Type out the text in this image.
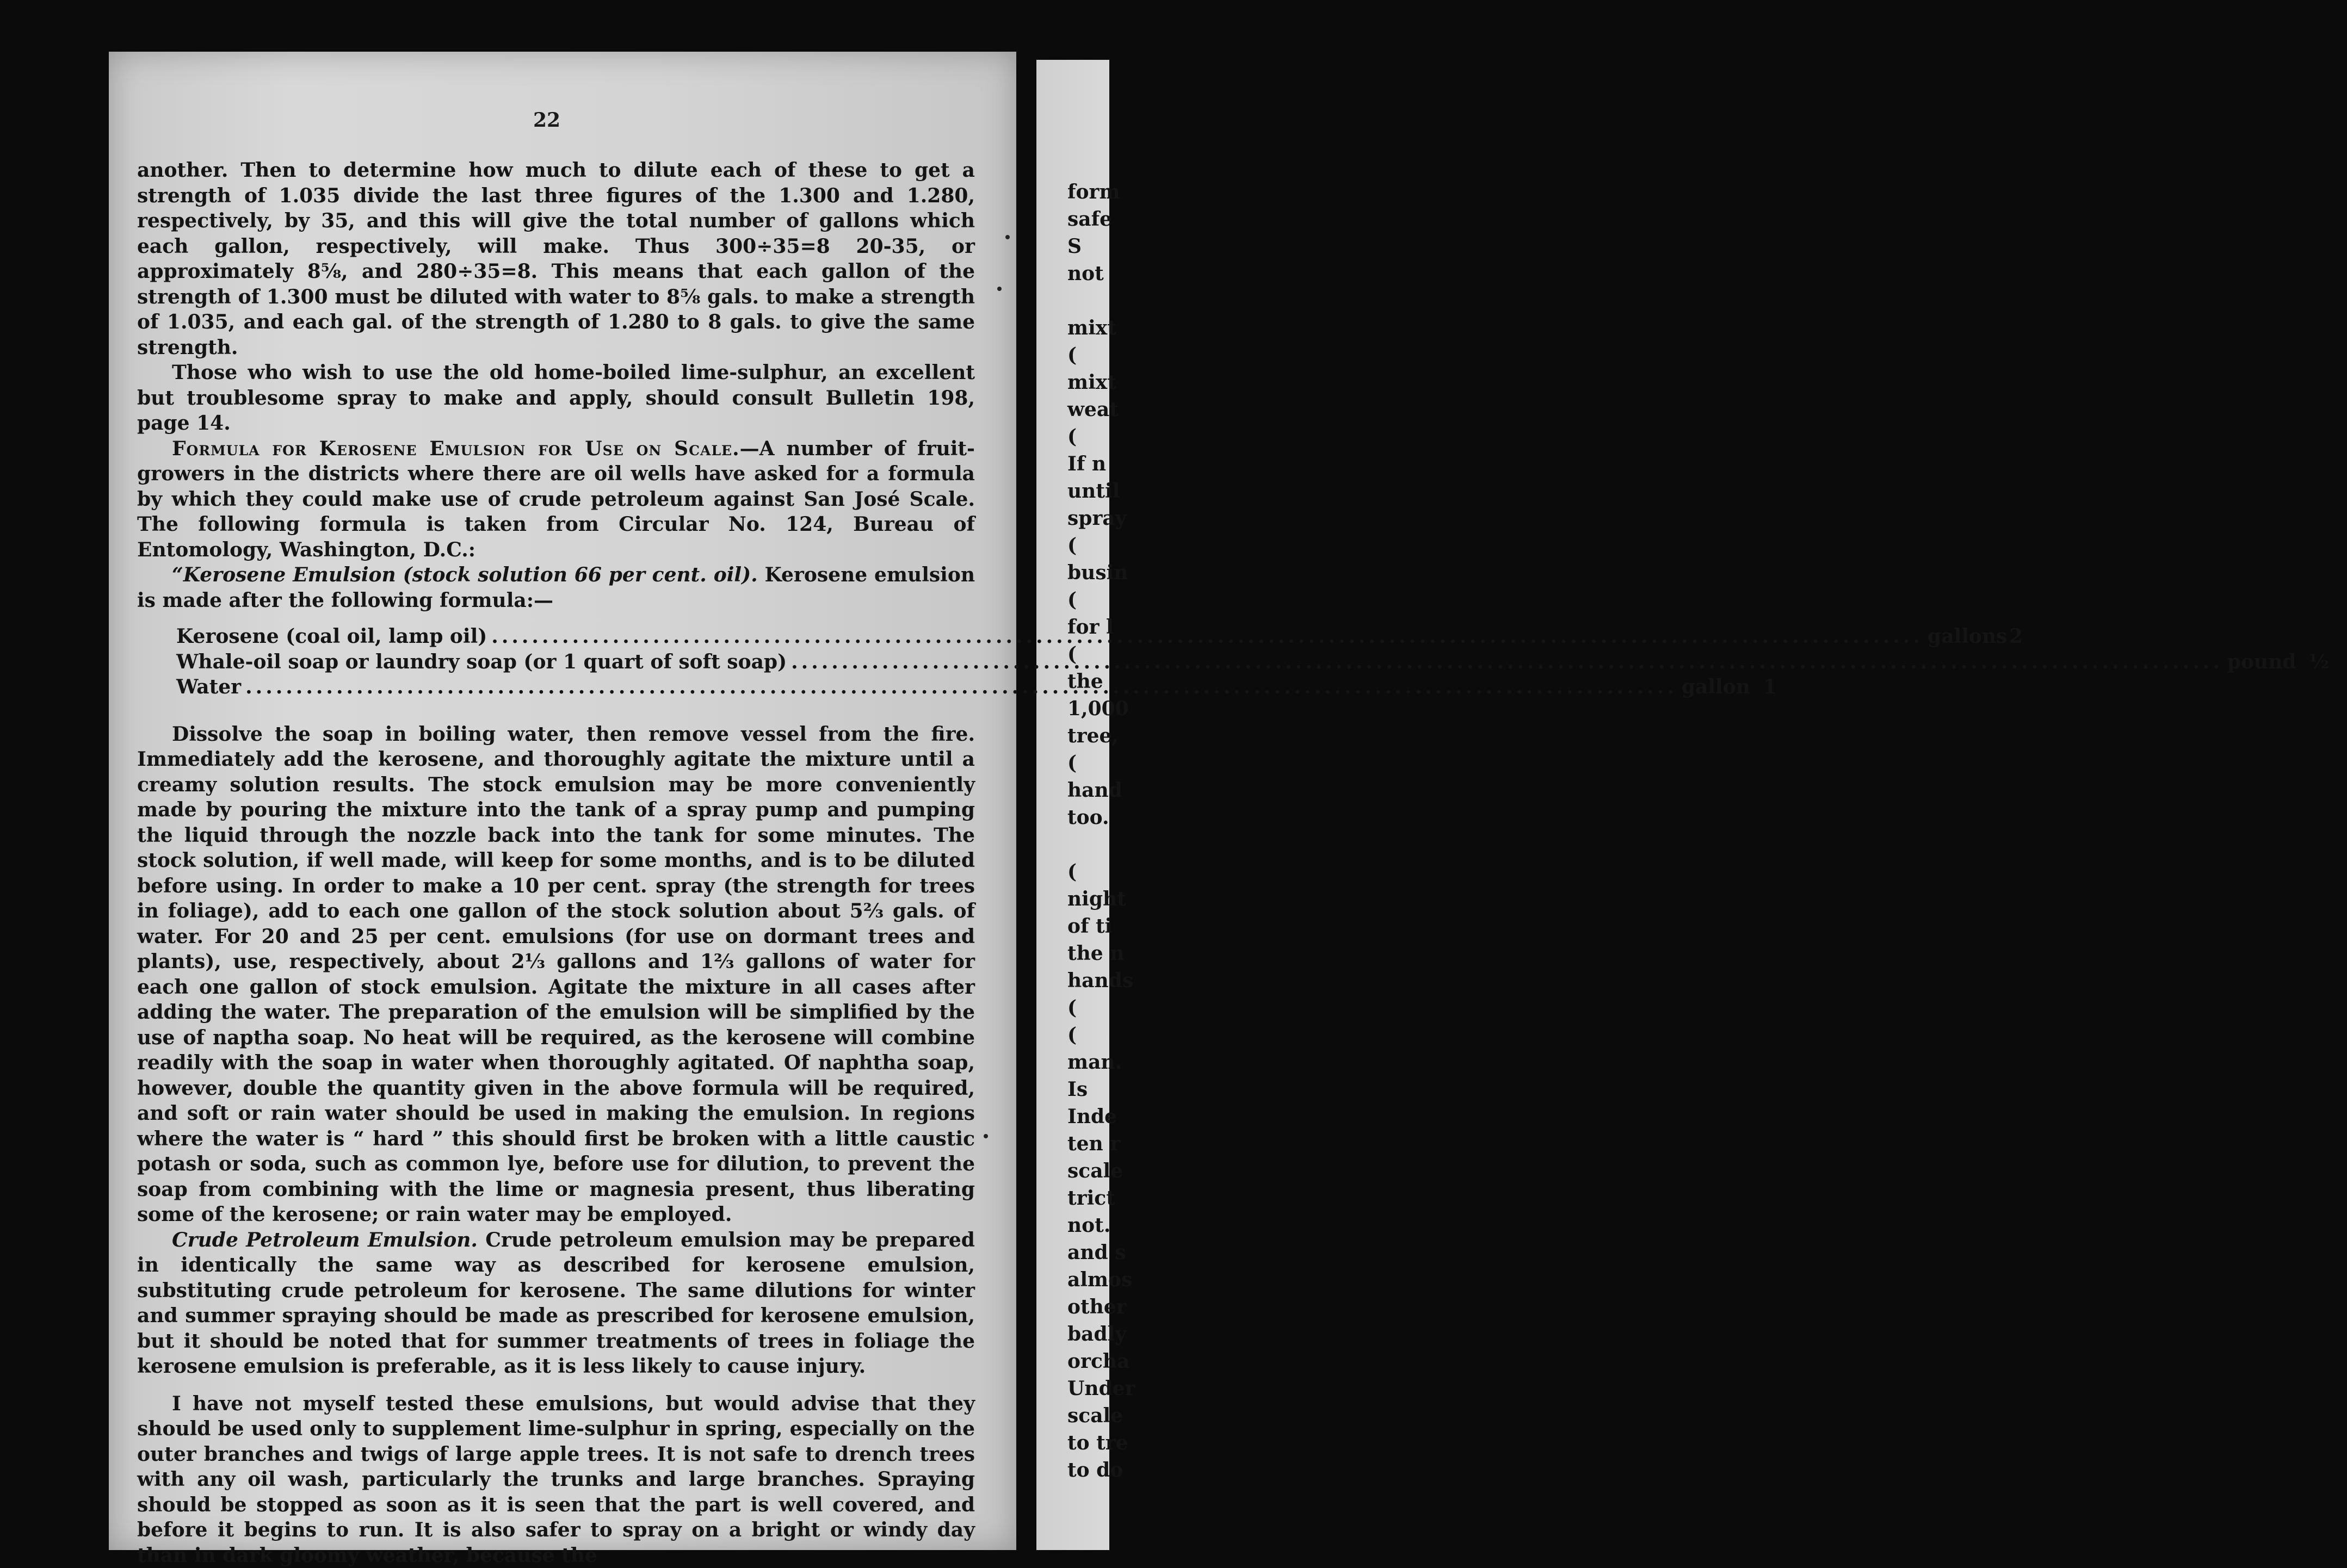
22

another. Then to determine how much to dilute each of these to get a strength of 1.035 divide the last three figures of the 1.300 and 1.280, respectively, by 35, and this will give the total number of gallons which each gallon, respectively, will make. Thus 300÷35=8 20-35, or approximately 8⅝, and 280÷35=8. This means that each gallon of the strength of 1.300 must be diluted with water to 8⅝ gals. to make a strength of 1.035, and each gal. of the strength of 1.280 to 8 gals. to give the same strength.

Those who wish to use the old home-boiled lime-sulphur, an excellent but troublesome spray to make and apply, should consult Bulletin 198, page 14.

Formula for Kerosene Emulsion for Use on Scale.—A number of fruit- growers in the districts where there are oil wells have asked for a formula by which they could make use of crude petroleum against San José Scale. The following formula is taken from Circular No. 124, Bureau of Entomology, Washington, D.C.:

“Kerosene Emulsion (stock solution 66 per cent. oil). Kerosene emulsion is made after the following formula:—

Kerosene (coal oil, lamp oil) .....	gallons 2
Whale-oil soap or laundry soap (or 1 quart of soft soap) .....	pound ½
Water .....	gallon 1

Dissolve the soap in boiling water, then remove vessel from the fire. Immediately add the kerosene, and thoroughly agitate the mixture until a creamy solution results. The stock emulsion may be more conveniently made by pouring the mixture into the tank of a spray pump and pumping the liquid through the nozzle back into the tank for some minutes. The stock solution, if well made, will keep for some months, and is to be diluted before using. In order to make a 10 per cent. spray (the strength for trees in foliage), add to each one gallon of the stock solution about 5⅔ gals. of water. For 20 and 25 per cent. emulsions (for use on dormant trees and plants), use, respectively, about 2⅓ gallons and 1⅔ gallons of water for each one gallon of stock emulsion. Agitate the mixture in all cases after adding the water. The preparation of the emulsion will be simplified by the use of naptha soap. No heat will be required, as the kerosene will combine readily with the soap in water when thoroughly agitated. Of naphtha soap, however, double the quantity given in the above formula will be required, and soft or rain water should be used in making the emulsion. In regions where the water is “ hard ” this should first be broken with a little caustic potash or soda, such as common lye, before use for dilution, to prevent the soap from combining with the lime or magnesia present, thus liberating some of the kerosene; or rain water may be employed.

Crude Petroleum Emulsion. Crude petroleum emulsion may be prepared in identically the same way as described for kerosene emulsion, substituting crude petroleum for kerosene. The same dilutions for winter and summer spraying should be made as prescribed for kerosene emulsion, but it should be noted that for summer treatments of trees in foliage the kerosene emulsion is preferable, as it is less likely to cause injury.

I have not myself tested these emulsions, but would advise that they should be used only to supplement lime-sulphur in spring, especially on the outer branches and twigs of large apple trees. It is not safe to drench trees with any oil wash, particularly the trunks and large branches. Spraying should be stopped as soon as it is seen that the part is well covered, and before it begins to run. It is also safer to spray on a bright or windy day than in dark gloomy weather, because the

form
safe
S
not
mixt
(
mixt
weat
(
If n
until
spray
(
busin
(
for l
(
the
1,000
tree,
(
hand
too.
(
night
of ti
the n
hands
(
(
man.
Is
Inde
ten r
scale
trict
not.
and s
almos
other
badly
orcha
Under
scale
to tre
to do
